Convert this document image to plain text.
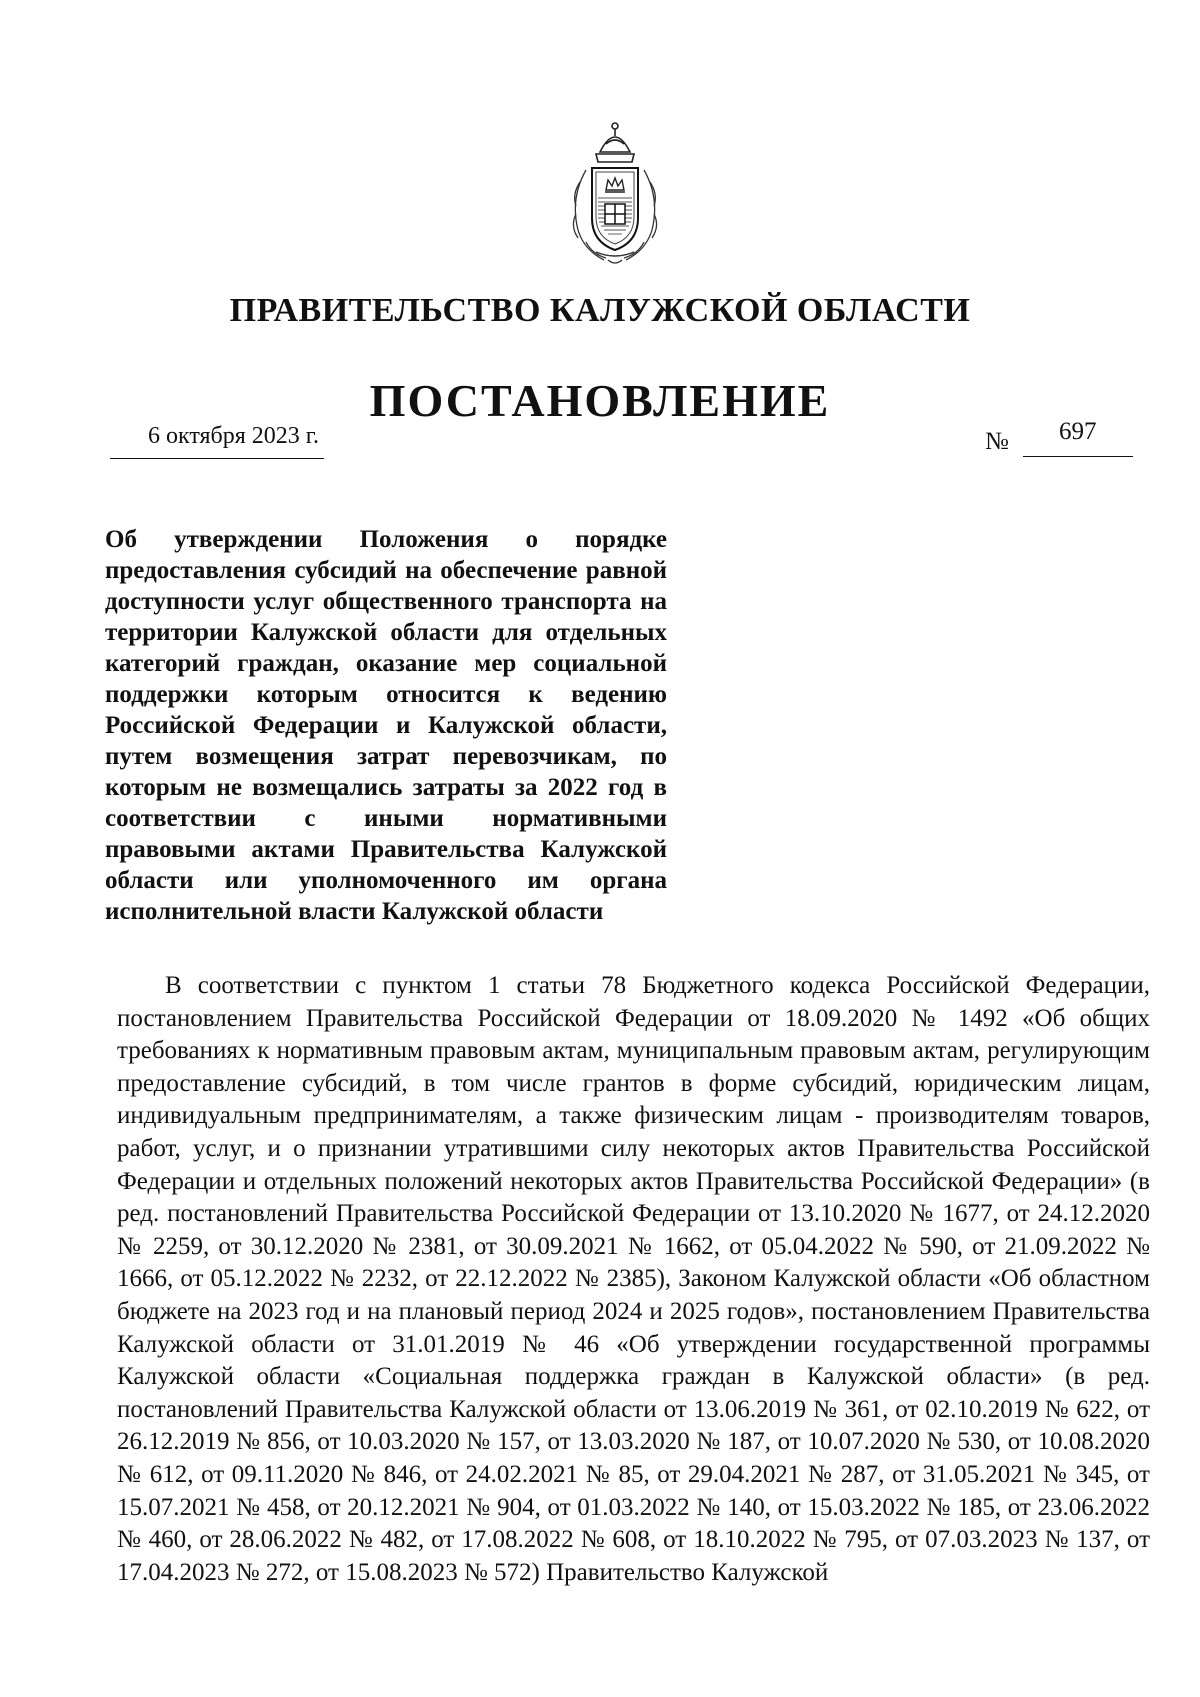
ПРАВИТЕЛЬСТВО КАЛУЖСКОЙ ОБЛАСТИ
ПОСТАНОВЛЕНИЕ
6 октября 2023 г.	№ 697
Об утверждении Положения о порядке предоставления субсидий на обеспечение равной доступности услуг общественного транспорта на территории Калужской области для отдельных категорий граждан, оказание мер социальной поддержки которым относится к ведению Российской Федерации и Калужской области, путем возмещения затрат перевозчикам, по которым не возмещались затраты за 2022 год в соответствии с иными нормативными правовыми актами Правительства Калужской области или уполномоченного им органа исполнительной власти Калужской области
В соответствии с пунктом 1 статьи 78 Бюджетного кодекса Российской Федерации, постановлением Правительства Российской Федерации от 18.09.2020 № 1492 «Об общих требованиях к нормативным правовым актам, муниципальным правовым актам, регулирующим предоставление субсидий, в том числе грантов в форме субсидий, юридическим лицам, индивидуальным предпринимателям, а также физическим лицам - производителям товаров, работ, услуг, и о признании утратившими силу некоторых актов Правительства Российской Федерации и отдельных положений некоторых актов Правительства Российской Федерации» (в ред. постановлений Правительства Российской Федерации от 13.10.2020 № 1677, от 24.12.2020 № 2259, от 30.12.2020 № 2381, от 30.09.2021 № 1662, от 05.04.2022 № 590, от 21.09.2022 № 1666, от 05.12.2022 № 2232, от 22.12.2022 № 2385), Законом Калужской области «Об областном бюджете на 2023 год и на плановый период 2024 и 2025 годов», постановлением Правительства Калужской области от 31.01.2019 № 46 «Об утверждении государственной программы Калужской области «Социальная поддержка граждан в Калужской области» (в ред. постановлений Правительства Калужской области от 13.06.2019 № 361, от 02.10.2019 № 622, от 26.12.2019 № 856, от 10.03.2020 № 157, от 13.03.2020 № 187, от 10.07.2020 № 530, от 10.08.2020 № 612, от 09.11.2020 № 846, от 24.02.2021 № 85, от 29.04.2021 № 287, от 31.05.2021 № 345, от 15.07.2021 № 458, от 20.12.2021 № 904, от 01.03.2022 № 140, от 15.03.2022 № 185, от 23.06.2022 № 460, от 28.06.2022 № 482, от 17.08.2022 № 608, от 18.10.2022 № 795, от 07.03.2023 № 137, от 17.04.2023 № 272, от 15.08.2023 № 572) Правительство Калужской
